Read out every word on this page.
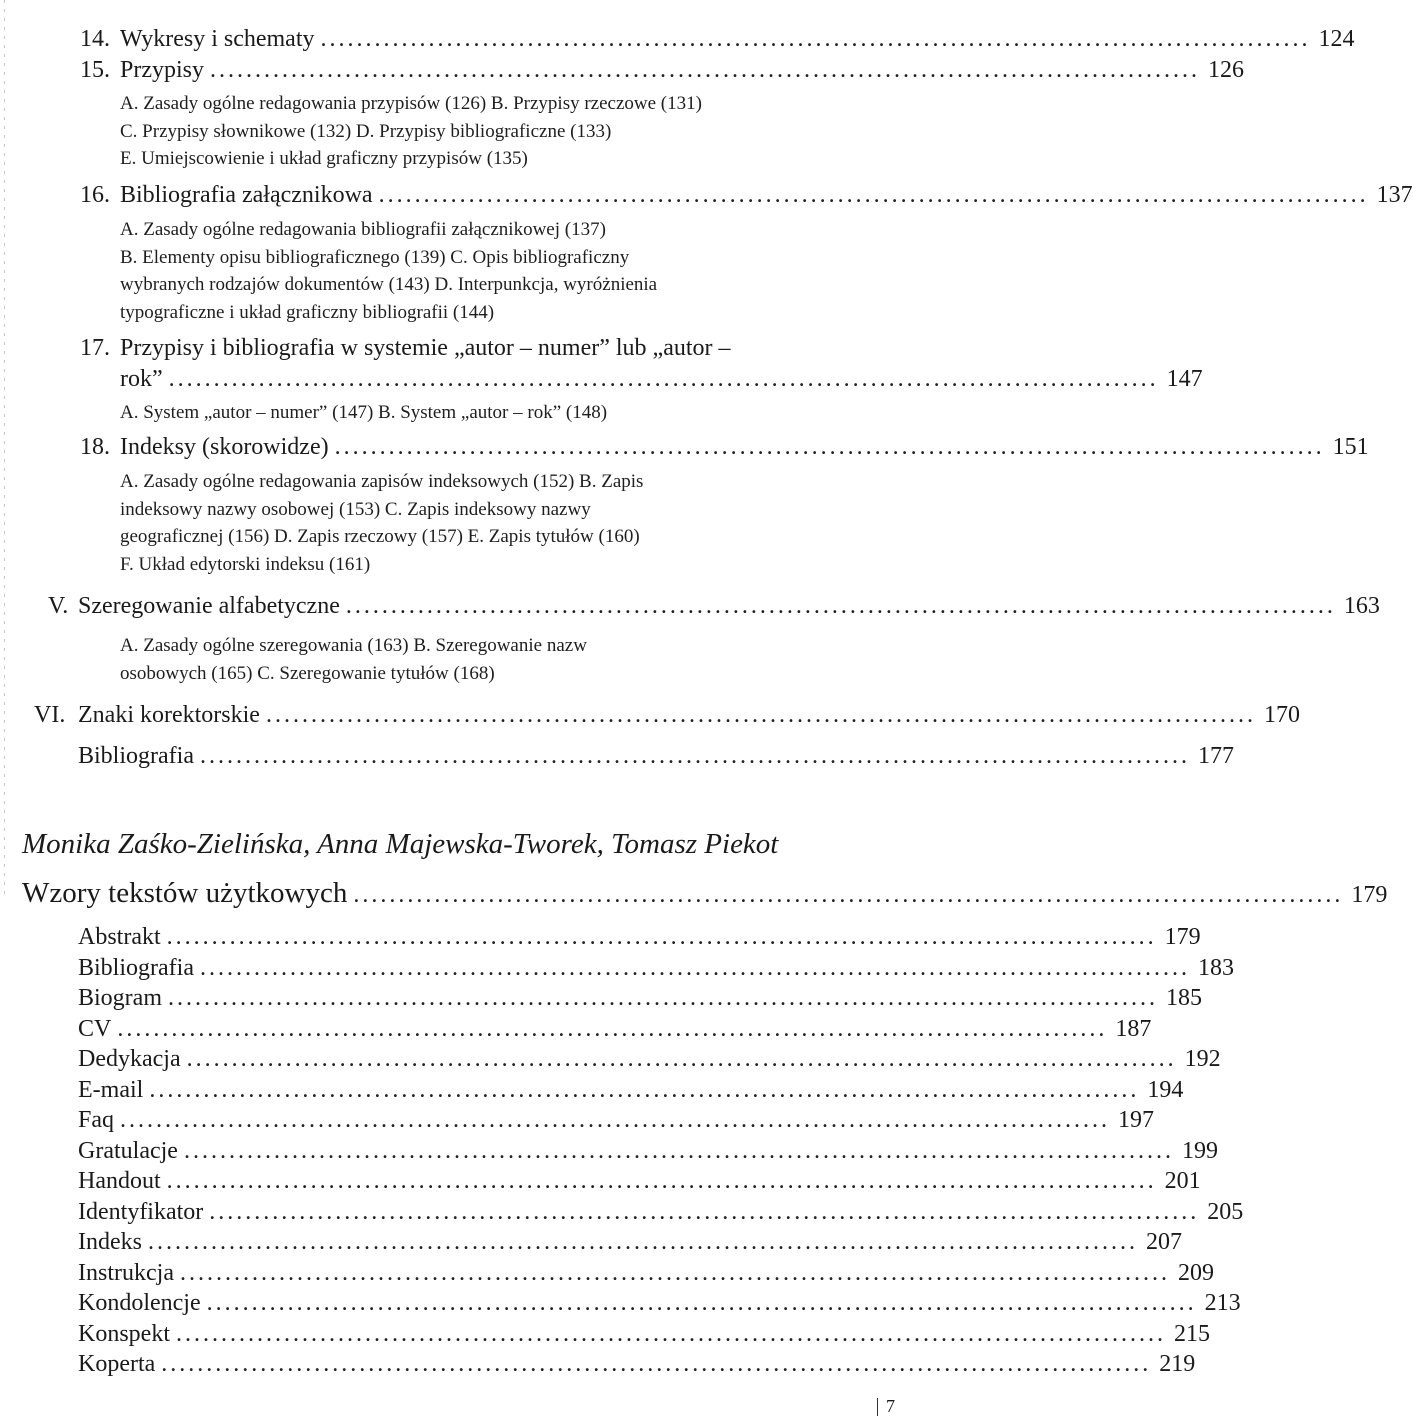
14. Wykresy i schematy .............................................................................................................. 124
15. Przypisy .............................................................................................................. 126
A. Zasady ogólne redagowania przypisów (126) B. Przypisy rzeczowe (131)
C. Przypisy słownikowe (132) D. Przypisy bibliograficzne (133)
E. Umiejscowienie i układ graficzny przypisów (135)
16. Bibliografia załącznikowa .............................................................................................................. 137
A. Zasady ogólne redagowania bibliografii załącznikowej (137)
B. Elementy opisu bibliograficznego (139) C. Opis bibliograficzny
wybranych rodzajów dokumentów (143) D. Interpunkcja, wyróżnienia
typograficzne i układ graficzny bibliografii (144)
17. Przypisy i bibliografia w systemie „autor – numer” lub „autor –
rok” .............................................................................................................. 147
A. System „autor – numer” (147) B. System „autor – rok” (148)
18. Indeksy (skorowidze) .............................................................................................................. 151
A. Zasady ogólne redagowania zapisów indeksowych (152) B. Zapis
indeksowy nazwy osobowej (153) C. Zapis indeksowy nazwy
geograficznej (156) D. Zapis rzeczowy (157) E. Zapis tytułów (160)
F. Układ edytorski indeksu (161)
V. Szeregowanie alfabetyczne .............................................................................................................. 163
A. Zasady ogólne szeregowania (163) B. Szeregowanie nazw
osobowych (165) C. Szeregowanie tytułów (168)
VI. Znaki korektorskie .............................................................................................................. 170
Bibliografia .............................................................................................................. 177
Monika Zaśko-Zielińska, Anna Majewska-Tworek, Tomasz Piekot
Wzory tekstów użytkowych .............................................................................................................. 179
Abstrakt .............................................................................................................. 179
Bibliografia .............................................................................................................. 183
Biogram .............................................................................................................. 185
CV .............................................................................................................. 187
Dedykacja .............................................................................................................. 192
E-mail .............................................................................................................. 194
Faq .............................................................................................................. 197
Gratulacje .............................................................................................................. 199
Handout .............................................................................................................. 201
Identyfikator .............................................................................................................. 205
Indeks .............................................................................................................. 207
Instrukcja .............................................................................................................. 209
Kondolencje .............................................................................................................. 213
Konspekt .............................................................................................................. 215
Koperta .............................................................................................................. 219
7
